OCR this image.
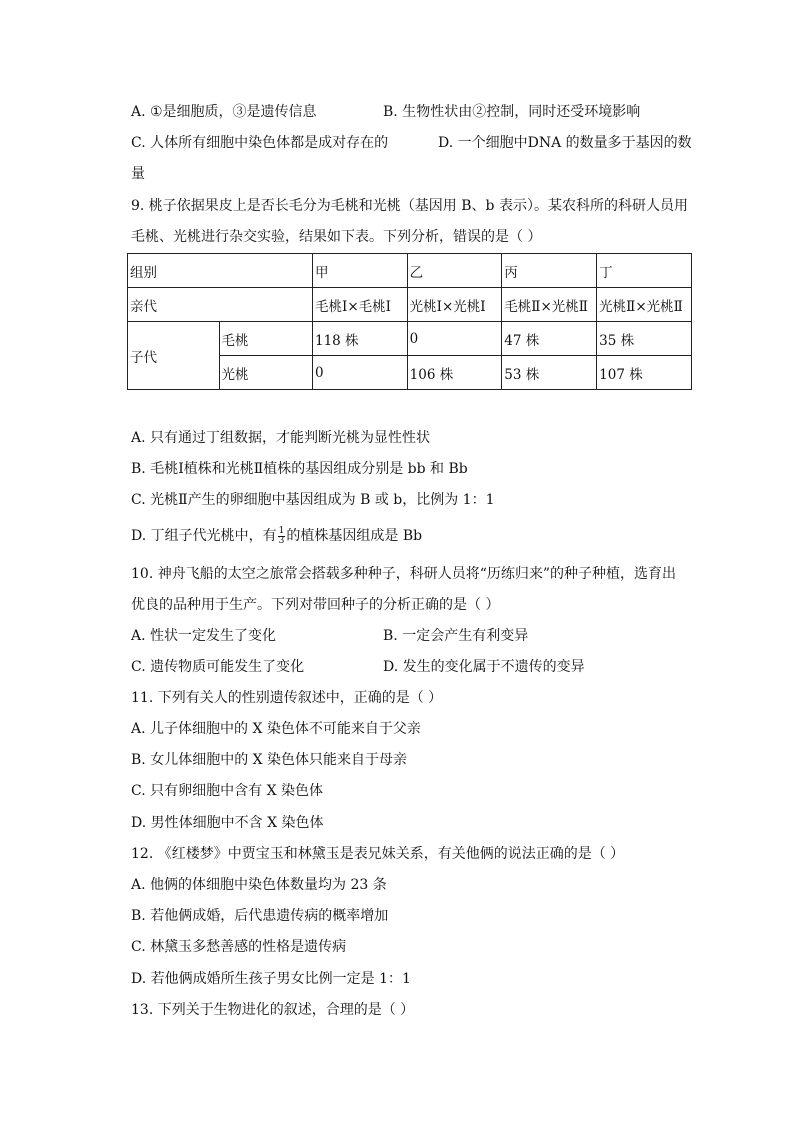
A. ①是细胞质，③是遗传信息	B. 生物性状由②控制，同时还受环境影响
C. 人体所有细胞中染色体都是成对存在的	D. 一个细胞中DNA 的数量多于基因的数
量
9. 桃子依据果皮上是否长毛分为毛桃和光桃（基因用 B、b 表示）。某农科所的科研人员用
毛桃、光桃进行杂交实验，结果如下表。下列分析，错误的是（ ）
组别		甲	乙	丙	丁
亲代		毛桃Ⅰ×毛桃Ⅰ	光桃Ⅰ×光桃Ⅰ	毛桃Ⅱ×光桃Ⅱ	光桃Ⅱ×光桃Ⅱ
子代	毛桃	118 株	0	47 株	35 株
	光桃	0	106 株	53 株	107 株
A. 只有通过丁组数据，才能判断光桃为显性性状
B. 毛桃Ⅰ植株和光桃Ⅱ植株的基因组成分别是 bb 和 Bb
C. 光桃Ⅱ产生的卵细胞中基因组成为 B 或 b，比例为 1：1
D. 丁组子代光桃中，有 $\frac{1}{3}$ 的植株基因组成是 Bb
10. 神舟飞船的太空之旅常会搭载多种种子，科研人员将“历练归来”的种子种植，选育出
优良的品种用于生产。下列对带回种子的分析正确的是（ ）
A. 性状一定发生了变化	B. 一定会产生有利变异
C. 遗传物质可能发生了变化	D. 发生的变化属于不遗传的变异
11. 下列有关人的性别遗传叙述中，正确的是（ ）
A. 儿子体细胞中的 X 染色体不可能来自于父亲
B. 女儿体细胞中的 X 染色体只能来自于母亲
C. 只有卵细胞中含有 X 染色体
D. 男性体细胞中不含 X 染色体
12. 《红楼梦》中贾宝玉和林黛玉是表兄妹关系，有关他俩的说法正确的是（ ）
A. 他俩的体细胞中染色体数量均为 23 条
B. 若他俩成婚，后代患遗传病的概率增加
C. 林黛玉多愁善感的性格是遗传病
D. 若他俩成婚所生孩子男女比例一定是 1：1
13. 下列关于生物进化的叙述，合理的是（ ）
